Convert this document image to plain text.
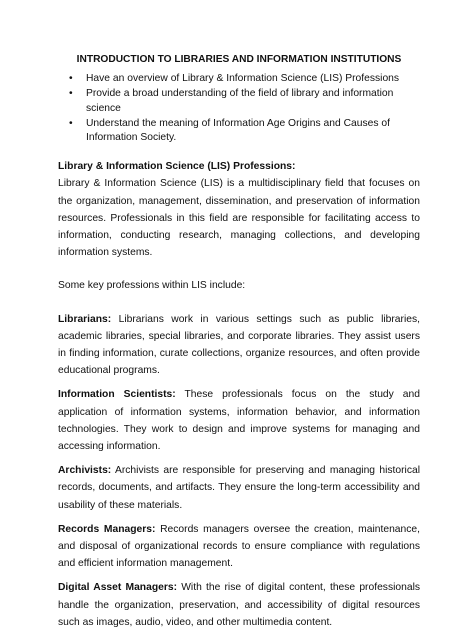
INTRODUCTION TO LIBRARIES AND INFORMATION INSTITUTIONS
• Have an overview of Library & Information Science (LIS) Professions
• Provide a broad understanding of the field of library and information science
• Understand the meaning of Information Age Origins and Causes of Information Society.
Library & Information Science (LIS) Professions:

Library & Information Science (LIS) is a multidisciplinary field that focuses on the organization, management, dissemination, and preservation of information resources. Professionals in this field are responsible for facilitating access to information, conducting research, managing collections, and developing information systems.

Some key professions within LIS include:

Librarians: Librarians work in various settings such as public libraries, academic libraries, special libraries, and corporate libraries. They assist users in finding information, curate collections, organize resources, and often provide educational programs.

Information Scientists: These professionals focus on the study and application of information systems, information behavior, and information technologies. They work to design and improve systems for managing and accessing information.

Archivists: Archivists are responsible for preserving and managing historical records, documents, and artifacts. They ensure the long-term accessibility and usability of these materials.

Records Managers: Records managers oversee the creation, maintenance, and disposal of organizational records to ensure compliance with regulations and efficient information management.

Digital Asset Managers: With the rise of digital content, these professionals handle the organization, preservation, and accessibility of digital resources such as images, audio, video, and other multimedia content.
